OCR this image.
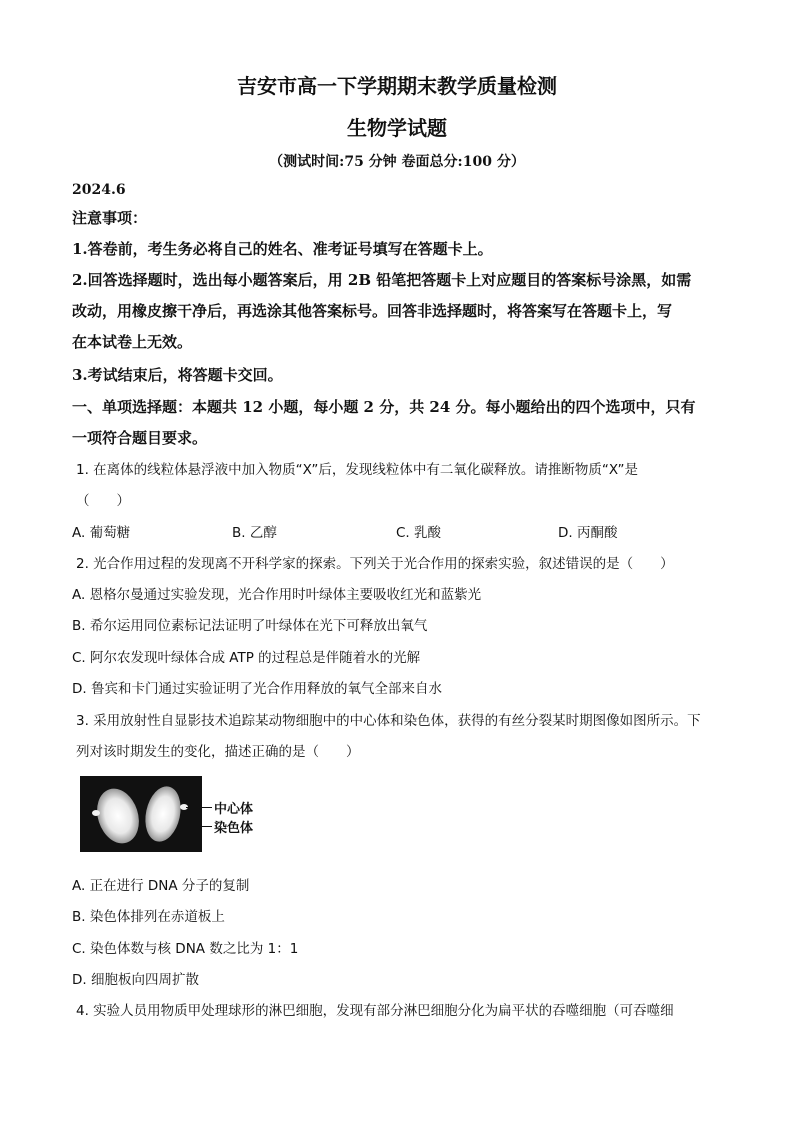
吉安市高一下学期期末教学质量检测
生物学试题
（测试时间:75 分钟 卷面总分:100 分）
2024.6
注意事项：
1.答卷前，考生务必将自己的姓名、准考证号填写在答题卡上。
2.回答选择题时，选出每小题答案后，用 2B 铅笔把答题卡上对应题目的答案标号涂黑，如需
改动，用橡皮擦干净后，再选涂其他答案标号。回答非选择题时，将答案写在答题卡上，写
在本试卷上无效。
3.考试结束后，将答题卡交回。
一、单项选择题：本题共 12 小题，每小题 2 分，共 24 分。每小题给出的四个选项中，只有
一项符合题目要求。
1. 在离体的线粒体悬浮液中加入物质“X”后，发现线粒体中有二氧化碳释放。请推断物质“X”是
（　　）
A. 葡萄糖	B. 乙醇	C. 乳酸	D. 丙酮酸
2. 光合作用过程的发现离不开科学家的探索。下列关于光合作用的探索实验，叙述错误的是（　　）
A. 恩格尔曼通过实验发现，光合作用时叶绿体主要吸收红光和蓝紫光
B. 希尔运用同位素标记法证明了叶绿体在光下可释放出氧气
C. 阿尔农发现叶绿体合成 ATP 的过程总是伴随着水的光解
D. 鲁宾和卡门通过实验证明了光合作用释放的氧气全部来自水
3. 采用放射性自显影技术追踪某动物细胞中的中心体和染色体，获得的有丝分裂某时期图像如图所示。下
列对该时期发生的变化，描述正确的是（　　）
中心体
染色体
A. 正在进行 DNA 分子的复制
B. 染色体排列在赤道板上
C. 染色体数与核 DNA 数之比为 1：1
D. 细胞板向四周扩散
4. 实验人员用物质甲处理球形的淋巴细胞，发现有部分淋巴细胞分化为扁平状的吞噬细胞（可吞噬细
